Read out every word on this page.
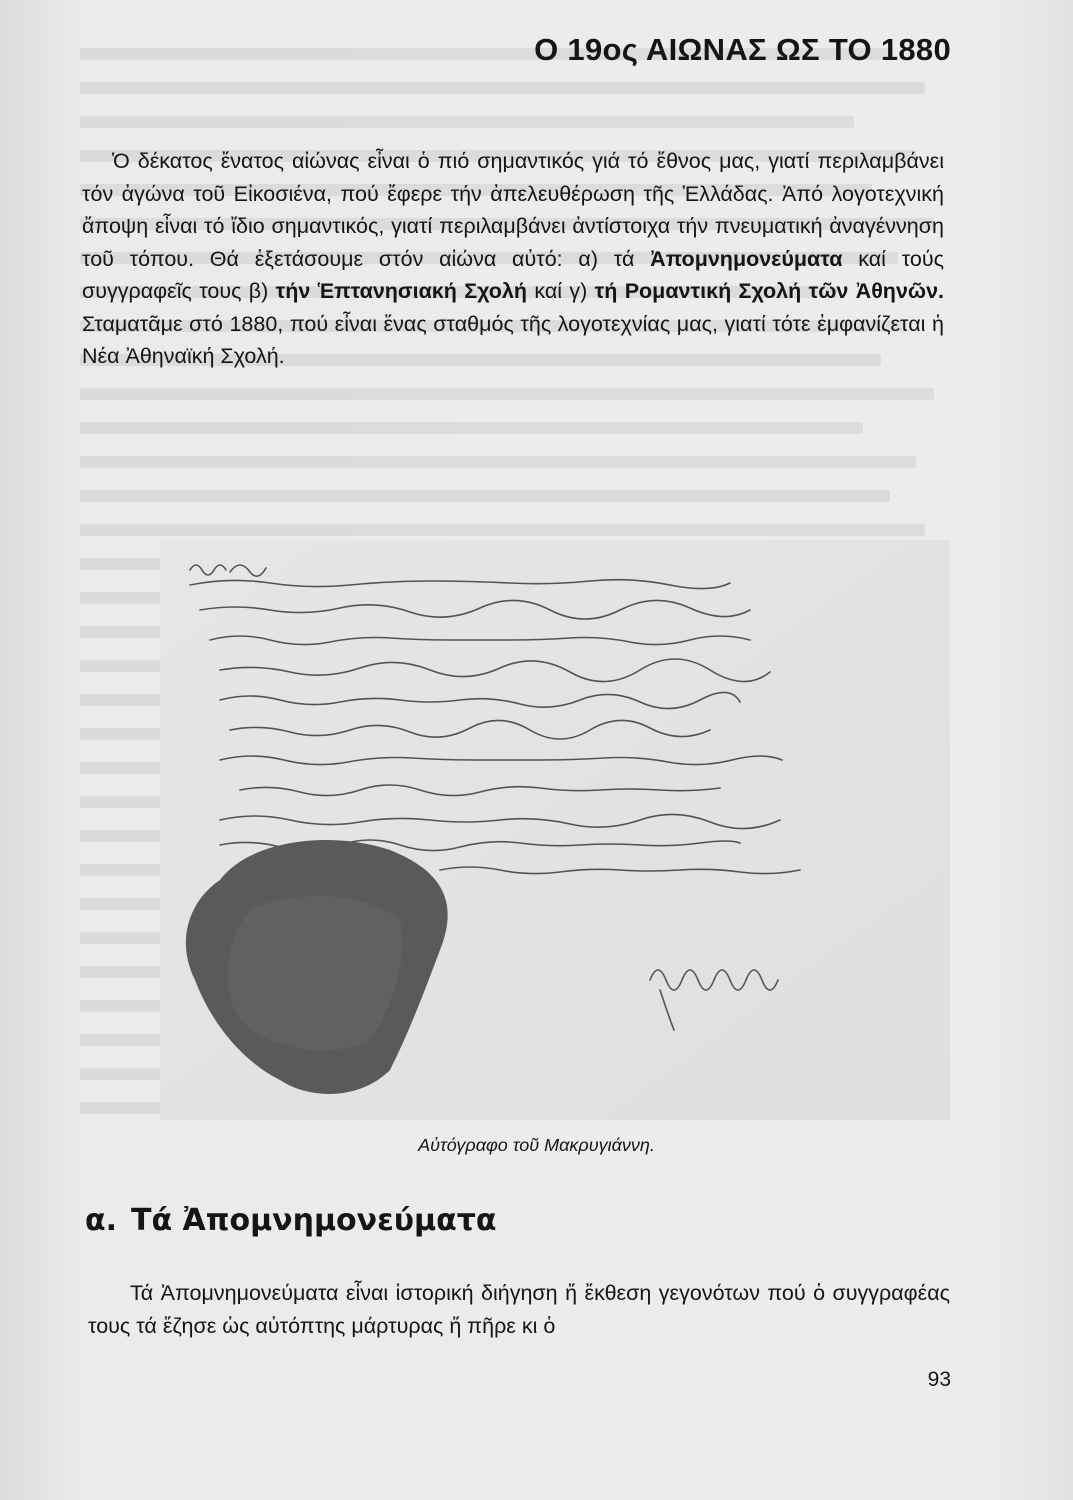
Ο 19ος ΑΙΩΝΑΣ ΩΣ ΤΟ 1880

Ὁ δέκατος ἔνατος αἰώνας εἶναι ὁ πιό σημαντικός γιά τό ἔθνος μας, γιατί περιλαμβάνει τόν ἀγώνα τοῦ Εἰκοσιένα, πού ἔφερε τήν ἀπελευθέρωση τῆς Ἑλλάδας. Ἀπό λογοτεχνική ἄποψη εἶναι τό ἴδιο σημαντικός, γιατί περιλαμβάνει ἀντίστοιχα τήν πνευματική ἀναγέννηση τοῦ τόπου. Θά ἐξετάσουμε στόν αἰώνα αὐτό: α) τά Ἀπομνημονεύματα καί τούς συγγραφεῖς τους β) τήν Ἑπτανησιακή Σχολή καί γ) τή Ρομαντική Σχολή τῶν Ἀθηνῶν. Σταματᾶμε στό 1880, πού εἶναι ἕνας σταθμός τῆς λογοτεχνίας μας, γιατί τότε ἐμφανίζεται ἡ Νέα Ἀθηναϊκή Σχολή.

Αὐτόγραφο τοῦ Μακρυγιάννη.
α. Τά Ἀπομνημονεύματα

Τά Ἀπομνημονεύματα εἶναι ἱστορική διήγηση ἤ ἔκθεση γεγονότων πού ὁ συγγραφέας τους τά ἔζησε ὡς αὐτόπτης μάρτυρας ἤ πῆρε κι ὁ

93
